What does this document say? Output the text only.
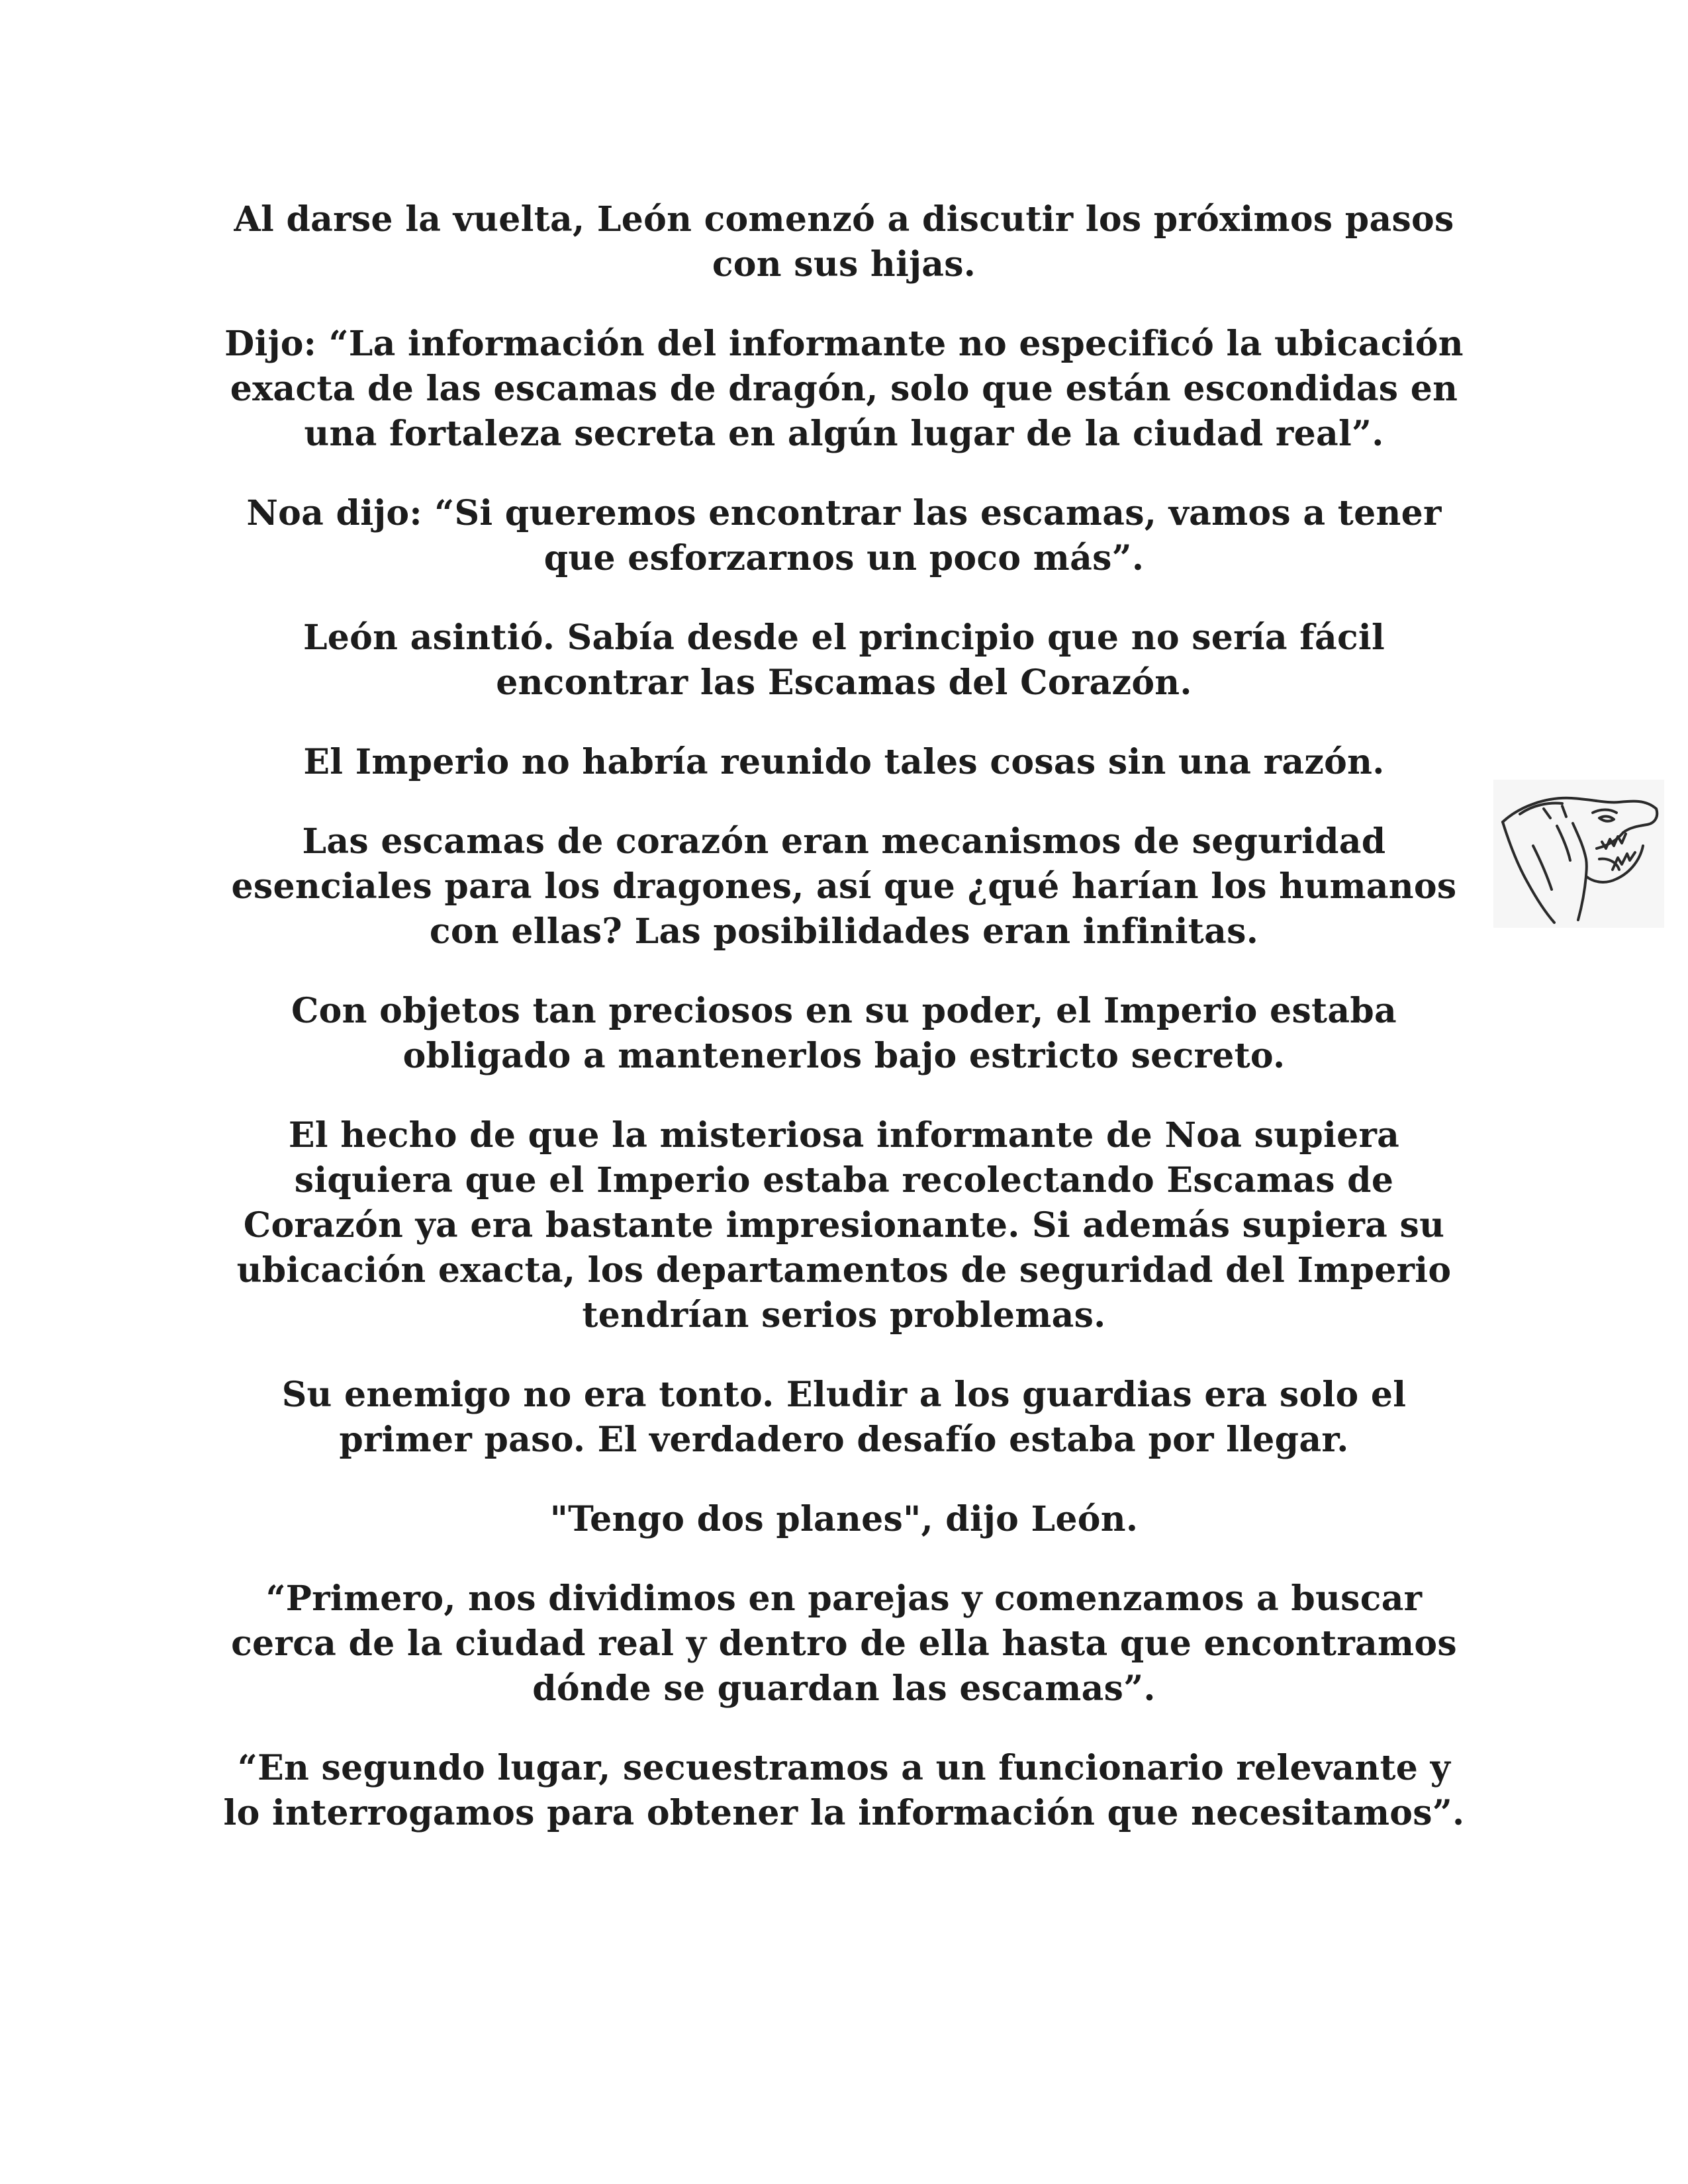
Al darse la vuelta, León comenzó a discutir los próximos pasos con sus hijas.

Dijo: “La información del informante no especificó la ubicación exacta de las escamas de dragón, solo que están escondidas en una fortaleza secreta en algún lugar de la ciudad real”.

Noa dijo: “Si queremos encontrar las escamas, vamos a tener que esforzarnos un poco más”.

León asintió. Sabía desde el principio que no sería fácil encontrar las Escamas del Corazón.

El Imperio no habría reunido tales cosas sin una razón.

Las escamas de corazón eran mecanismos de seguridad esenciales para los dragones, así que ¿qué harían los humanos con ellas? Las posibilidades eran infinitas.

Con objetos tan preciosos en su poder, el Imperio estaba obligado a mantenerlos bajo estricto secreto.

El hecho de que la misteriosa informante de Noa supiera siquiera que el Imperio estaba recolectando Escamas de Corazón ya era bastante impresionante. Si además supiera su ubicación exacta, los departamentos de seguridad del Imperio tendrían serios problemas.

Su enemigo no era tonto. Eludir a los guardias era solo el primer paso. El verdadero desafío estaba por llegar.

"Tengo dos planes", dijo León.

“Primero, nos dividimos en parejas y comenzamos a buscar cerca de la ciudad real y dentro de ella hasta que encontramos dónde se guardan las escamas”.

“En segundo lugar, secuestramos a un funcionario relevante y lo interrogamos para obtener la información que necesitamos”.
